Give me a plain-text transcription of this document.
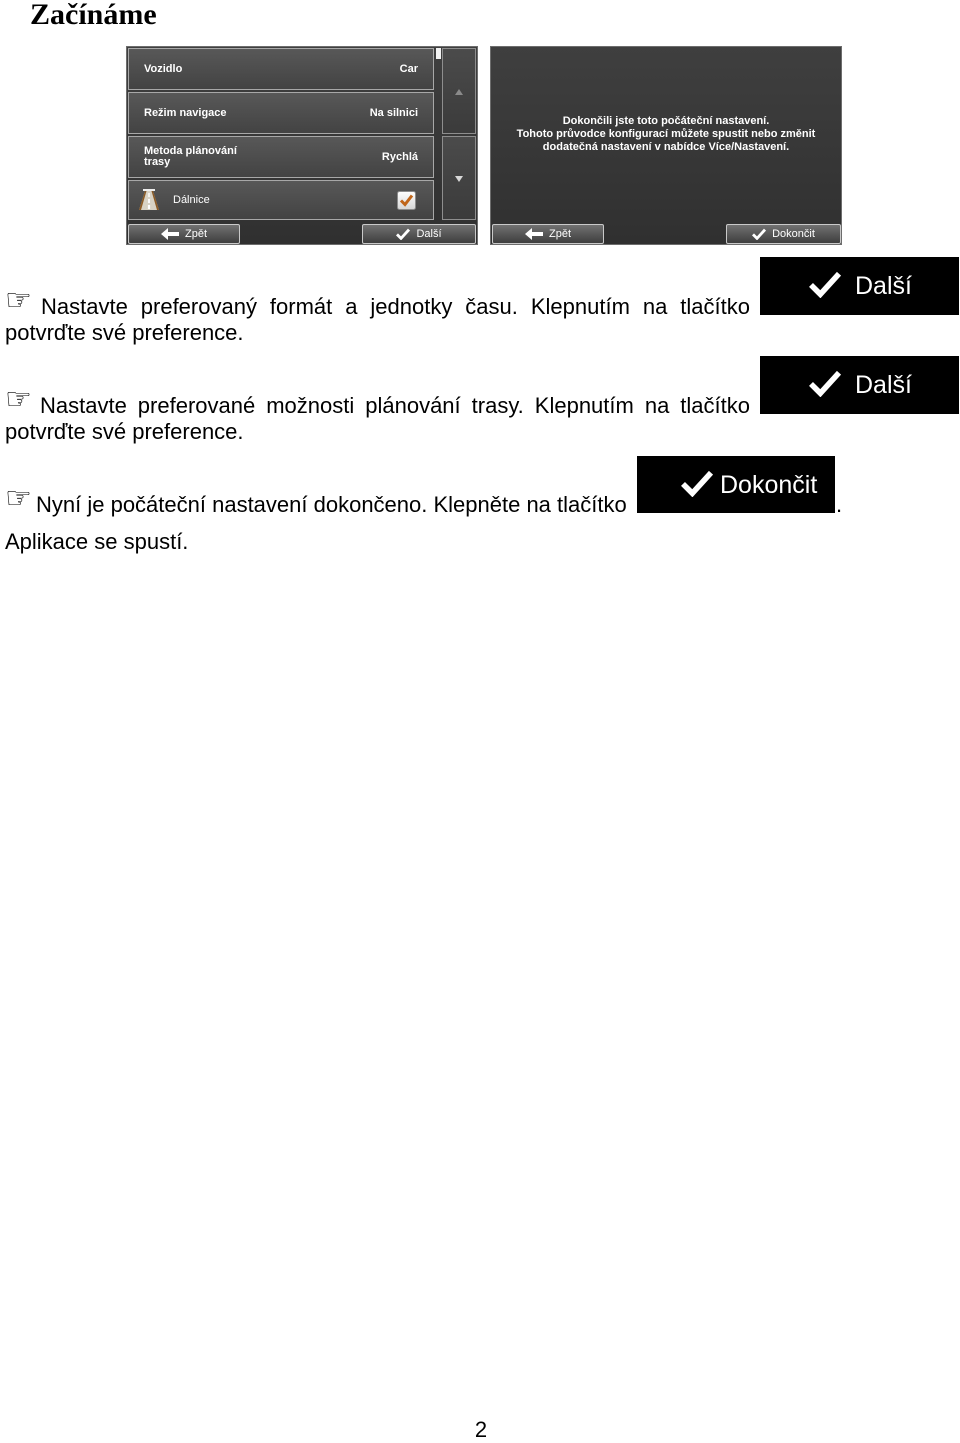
Začínáme
Vozidlo	Car
Režim navigace	Na silnici
Metoda plánování trasy	Rychlá
Dálnice
Zpět	Další
Dokončili jste toto počáteční nastavení.
Tohoto průvodce konfigurací můžete spustit nebo změnit
dodatečná nastavení v nabídce Více/Nastavení.
Zpět	Dokončit
☞ Nastavte preferovaný formát a jednotky času. Klepnutím na tlačítko potvrďte své preference.
Další
☞ Nastavte preferované možnosti plánování trasy. Klepnutím na tlačítko potvrďte své preference.
Další
☞ Nyní je počáteční nastavení dokončeno. Klepněte na tlačítko
Dokončit
.
Aplikace se spustí.
2
